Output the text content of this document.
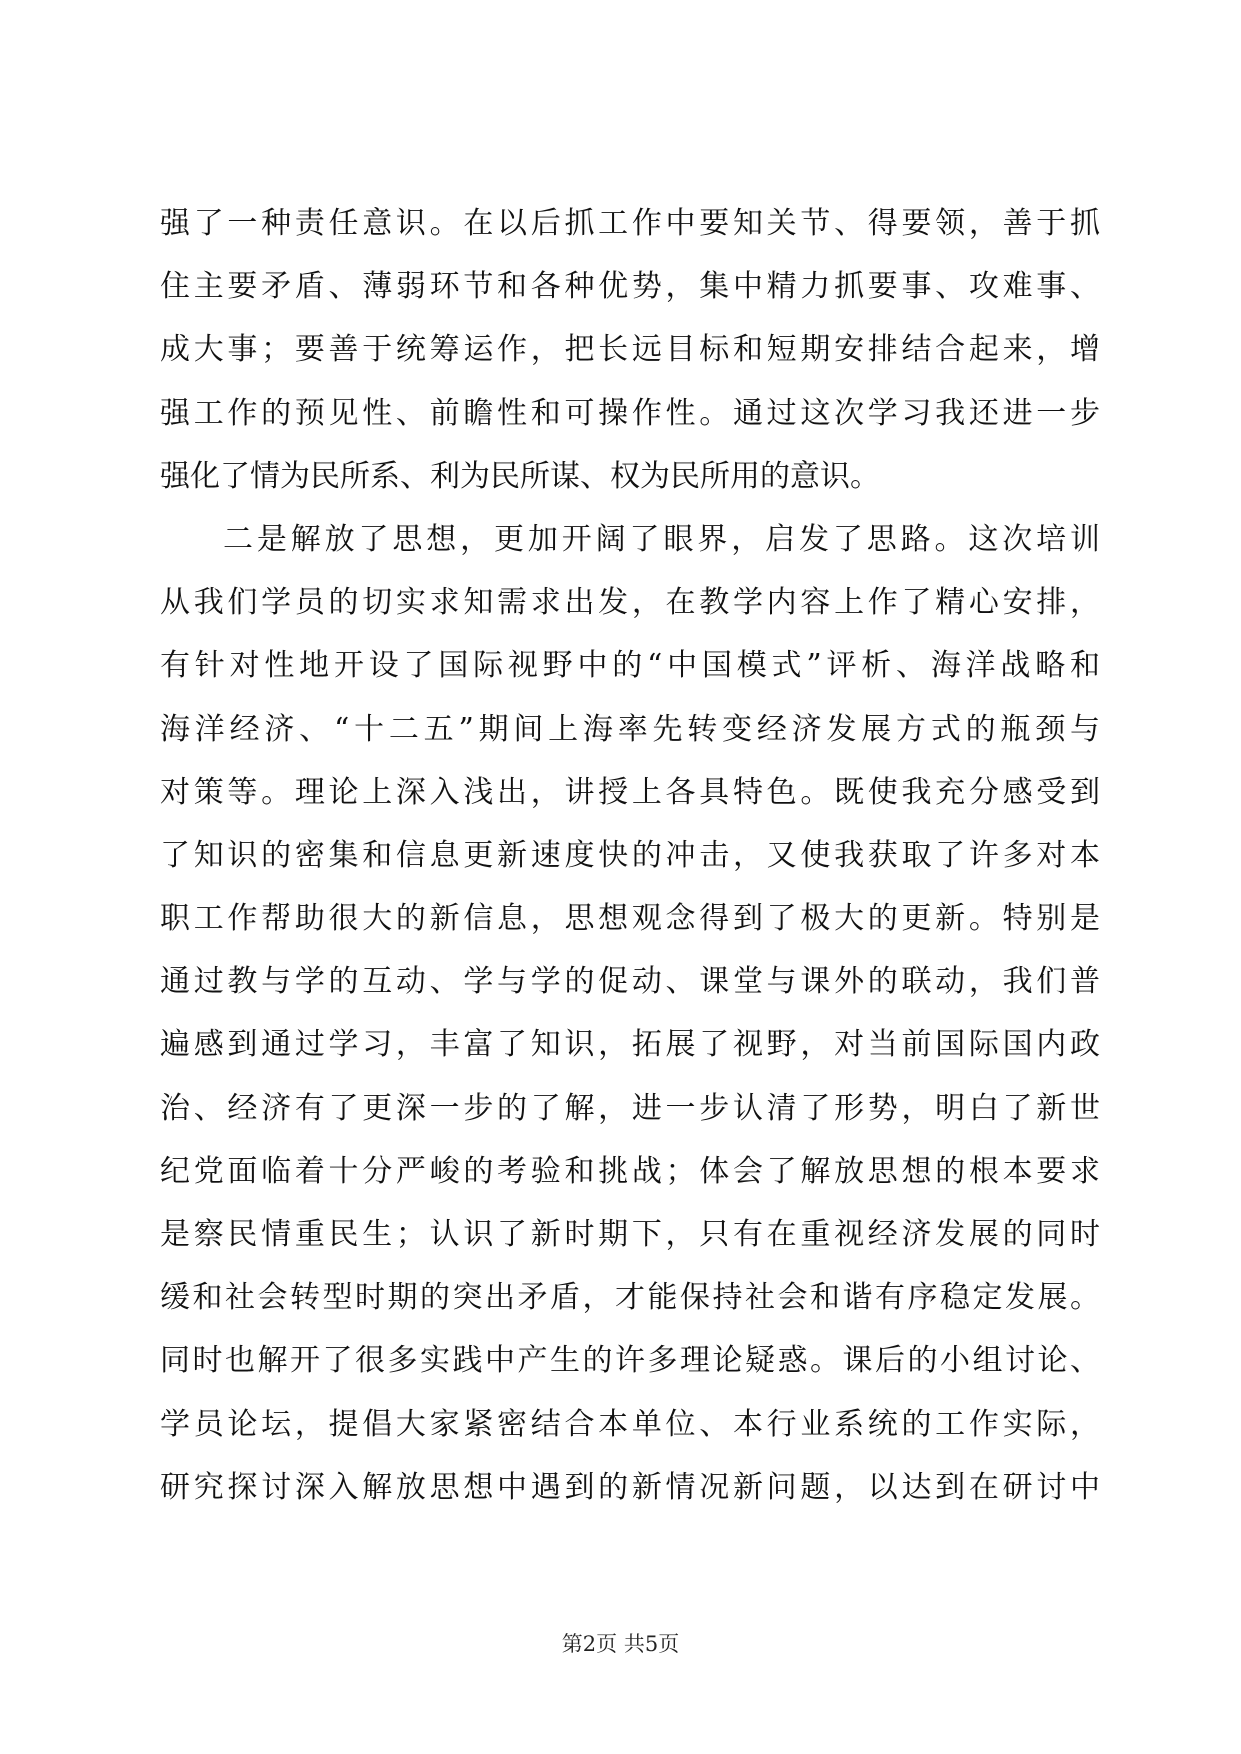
强了一种责任意识。在以后抓工作中要知关节、得要领，善于抓
住主要矛盾、薄弱环节和各种优势，集中精力抓要事、攻难事、
成大事；要善于统筹运作，把长远目标和短期安排结合起来，增
强工作的预见性、前瞻性和可操作性。通过这次学习我还进一步
强化了情为民所系、利为民所谋、权为民所用的意识。
二是解放了思想，更加开阔了眼界，启发了思路。这次培训
从我们学员的切实求知需求出发，在教学内容上作了精心安排，
有针对性地开设了国际视野中的“中国模式”评析、海洋战略和
海洋经济、“十二五”期间上海率先转变经济发展方式的瓶颈与
对策等。理论上深入浅出，讲授上各具特色。既使我充分感受到
了知识的密集和信息更新速度快的冲击，又使我获取了许多对本
职工作帮助很大的新信息，思想观念得到了极大的更新。特别是
通过教与学的互动、学与学的促动、课堂与课外的联动，我们普
遍感到通过学习，丰富了知识，拓展了视野，对当前国际国内政
治、经济有了更深一步的了解，进一步认清了形势，明白了新世
纪党面临着十分严峻的考验和挑战；体会了解放思想的根本要求
是察民情重民生；认识了新时期下，只有在重视经济发展的同时
缓和社会转型时期的突出矛盾，才能保持社会和谐有序稳定发展。
同时也解开了很多实践中产生的许多理论疑惑。课后的小组讨论、
学员论坛，提倡大家紧密结合本单位、本行业系统的工作实际，
研究探讨深入解放思想中遇到的新情况新问题，以达到在研讨中
第2页 共5页
